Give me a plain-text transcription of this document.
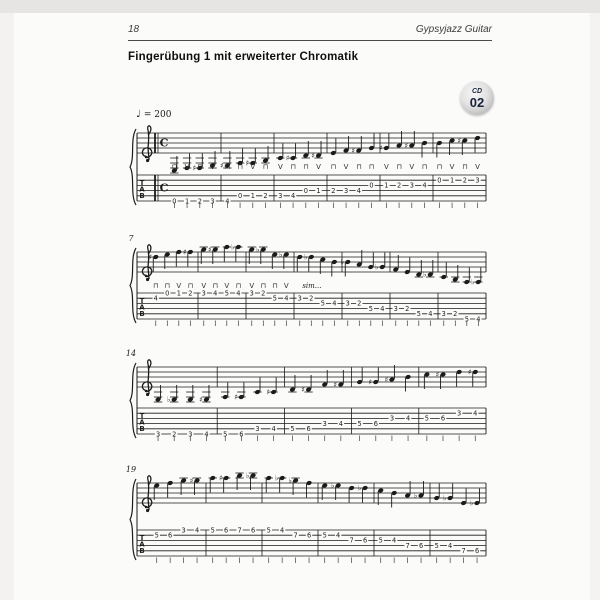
18	Gypsyjazz Guitar
Fingerübung 1 mit erweiterter Chromatik
CD
02
♩ = 200
T
A
B
C
C
0
⊓
1
V ♯
2
⊓
3
V ♯
4
⊓
0
⊓ ♯
1
V
2
⊓
3
V
♯
4
⊓
0
⊓
♯
1
V
2
⊓
3
V
♯
4
⊓
0
⊓
♯
1
V
2
⊓
♯
3
V
4
⊓
0
⊓
1
V
♯
2
⊓
3
V
T
A
B
7
♯
4
⊓
0
⊓
1
V
♯
2
⊓
3
V
♯
4
⊓
5
V
♭
4
⊓
3
V
♭
2
⊓
5
⊓
♭
4
V sim...
3
♭
2
5 4
♭
3 2
5
♭
4 3 2
5
♭
4 3 2
5
♭
4
T
A
B
14
3
♭
2 3
♯
4 5
♯
6
3
♯
4 5
♯
6
3
♯
4 5
♯
6
♯
3 4 5
♯
6
3
♯
4
T
A
B
19
5 6
3
♯
4 5
♯
6 7
♭
6 5
♭
4
♭
7 6 5
♭
4
7
♭
6 5 4
7
♭
6 5
♭
4
7
♭
6
